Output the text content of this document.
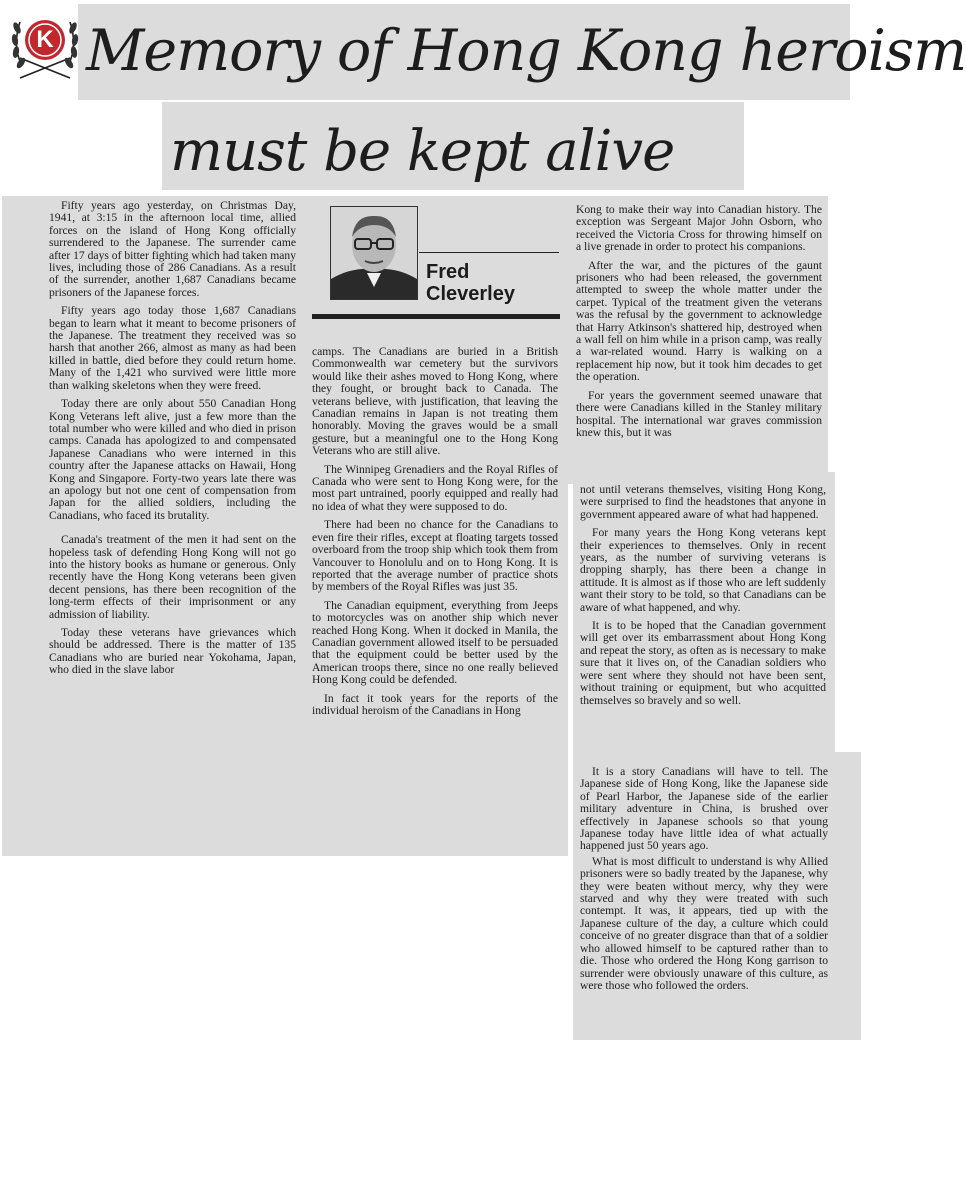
K Memory of Hong Kong heroism
must be kept alive

Fifty years ago yesterday, on Christmas Day, 1941, at 3:15 in the afternoon local time, allied forces on the island of Hong Kong officially surrendered to the Japanese. The surrender came after 17 days of bitter fighting which had taken many lives, including those of 286 Canadians. As a result of the surrender, another 1,687 Canadians became prisoners of the Japanese forces.

Fifty years ago today those 1,687 Canadians began to learn what it meant to become prisoners of the Japanese. The treatment they received was so harsh that another 266, almost as many as had been killed in battle, died before they could return home. Many of the 1,421 who survived were little more than walking skeletons when they were freed.

Today there are only about 550 Canadian Hong Kong Veterans left alive, just a few more than the total number who were killed and who died in prison camps. Canada has apologized to and compensated Japanese Canadians who were interned in this country after the Japanese attacks on Hawaii, Hong Kong and Singapore. Forty-two years late there was an apology but not one cent of compensation from Japan for the allied soldiers, including the Canadians, who faced its brutality.

Canada's treatment of the men it had sent on the hopeless task of defending Hong Kong will not go into the history books as humane or generous. Only recently have the Hong Kong veterans been given decent pensions, has there been recognition of the long-term effects of their imprisonment or any admission of liability.

Today these veterans have grievances which should be addressed. There is the matter of 135 Canadians who are buried near Yokohama, Japan, who died in the slave labor

Fred
Cleverley

camps. The Canadians are buried in a British Commonwealth war cemetery but the survivors would like their ashes moved to Hong Kong, where they fought, or brought back to Canada. The veterans believe, with justification, that leaving the Canadian remains in Japan is not treating them honorably. Moving the graves would be a small gesture, but a meaningful one to the Hong Kong Veterans who are still alive.

The Winnipeg Grenadiers and the Royal Rifles of Canada who were sent to Hong Kong were, for the most part untrained, poorly equipped and really had no idea of what they were supposed to do.

There had been no chance for the Canadians to even fire their rifles, except at floating targets tossed overboard from the troop ship which took them from Vancouver to Honolulu and on to Hong Kong. It is reported that the average number of practice shots by members of the Royal Rifles was just 35.

The Canadian equipment, everything from Jeeps to motorcycles was on another ship which never reached Hong Kong. When it docked in Manila, the Canadian government allowed itself to be persuaded that the equipment could be better used by the American troops there, since no one really believed Hong Kong could be defended.

In fact it took years for the reports of the individual heroism of the Canadians in Hong

Kong to make their way into Canadian history. The exception was Sergeant Major John Osborn, who received the Victoria Cross for throwing himself on a live grenade in order to protect his companions.

After the war, and the pictures of the gaunt prisoners who had been released, the government attempted to sweep the whole matter under the carpet. Typical of the treatment given the veterans was the refusal by the government to acknowledge that Harry Atkinson's shattered hip, destroyed when a wall fell on him while in a prison camp, was really a war-related wound. Harry is walking on a replacement hip now, but it took him decades to get the operation.

For years the government seemed unaware that there were Canadians killed in the Stanley military hospital. The international war graves commission knew this, but it was

not until veterans themselves, visiting Hong Kong, were surprised to find the headstones that anyone in government appeared aware of what had happened.

For many years the Hong Kong veterans kept their experiences to themselves. Only in recent years, as the number of surviving veterans is dropping sharply, has there been a change in attitude. It is almost as if those who are left suddenly want their story to be told, so that Canadians can be aware of what happened, and why.

It is to be hoped that the Canadian government will get over its embarrassment about Hong Kong and repeat the story, as often as is necessary to make sure that it lives on, of the Canadian soldiers who were sent where they should not have been sent, without training or equipment, but who acquitted themselves so bravely and so well.

It is a story Canadians will have to tell. The Japanese side of Hong Kong, like the Japanese side of Pearl Harbor, the Japanese side of the earlier military adventure in China, is brushed over effectively in Japanese schools so that young Japanese today have little idea of what actually happened just 50 years ago.

What is most difficult to understand is why Allied prisoners were so badly treated by the Japanese, why they were beaten without mercy, why they were starved and why they were treated with such contempt. It was, it appears, tied up with the Japanese culture of the day, a culture which could conceive of no greater disgrace than that of a soldier who allowed himself to be captured rather than to die. Those who ordered the Hong Kong garrison to surrender were obviously unaware of this culture, as were those who followed the orders.
